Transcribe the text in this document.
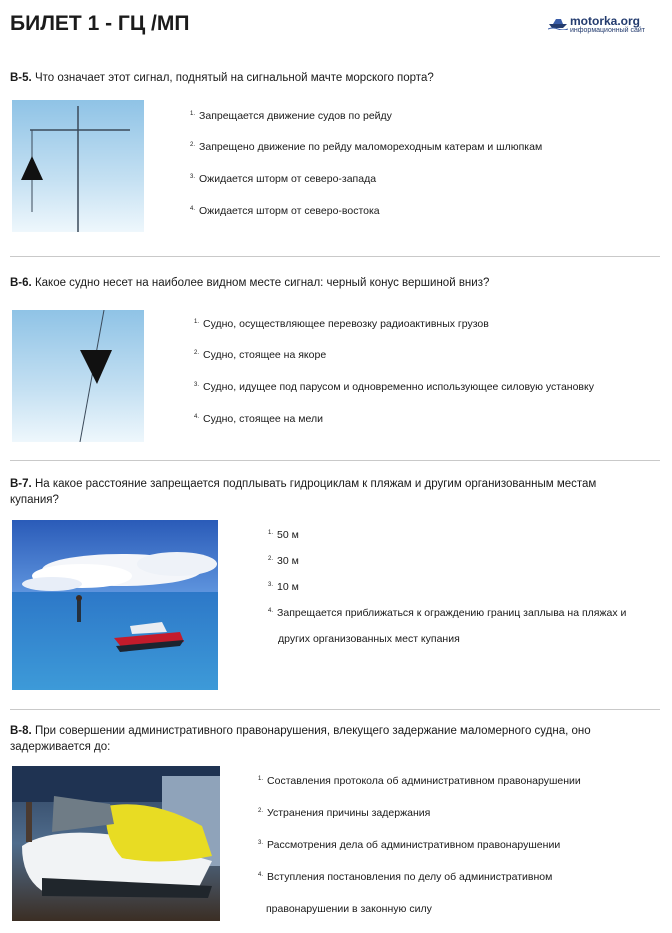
БИЛЕТ 1 - ГЦ /МП	motorka.org
информационный сайт
В-5. Что означает этот сигнал, поднятый на сигнальной мачте морского порта?
$^{1.}$ Запрещается движение судов по рейду
$^{2.}$ Запрещено движение по рейду маломореходным катерам и шлюпкам
$^{3.}$ Ожидается шторм от северо-запада
$^{4.}$ Ожидается шторм от северо-востока
В-6. Какое судно несет на наиболее видном месте сигнал: черный конус вершиной вниз?
$^{1.}$ Судно, осуществляющее перевозку радиоактивных грузов
$^{2.}$ Судно, стоящее на якоре
$^{3.}$ Судно, идущее под парусом и одновременно использующее силовую установку
$^{4.}$ Судно, стоящее на мели
В-7. На какое расстояние запрещается подплывать гидроциклам к пляжам и другим организованным местам
купания?
$^{1.}$ 50 м
$^{2.}$ 30 м
$^{3.}$ 10 м
$^{4.}$ Запрещается приближаться к ограждению границ заплыва на пляжах и
других организованных мест купания
В-8. При совершении административного правонарушения, влекущего задержание маломерного судна, оно
задерживается до:
$^{1.}$ Составления протокола об административном правонарушении
$^{2.}$ Устранения причины задержания
$^{3.}$ Рассмотрения дела об административном правонарушении
$^{4.}$ Вступления постановления по делу об административном
правонарушении в законную силу
